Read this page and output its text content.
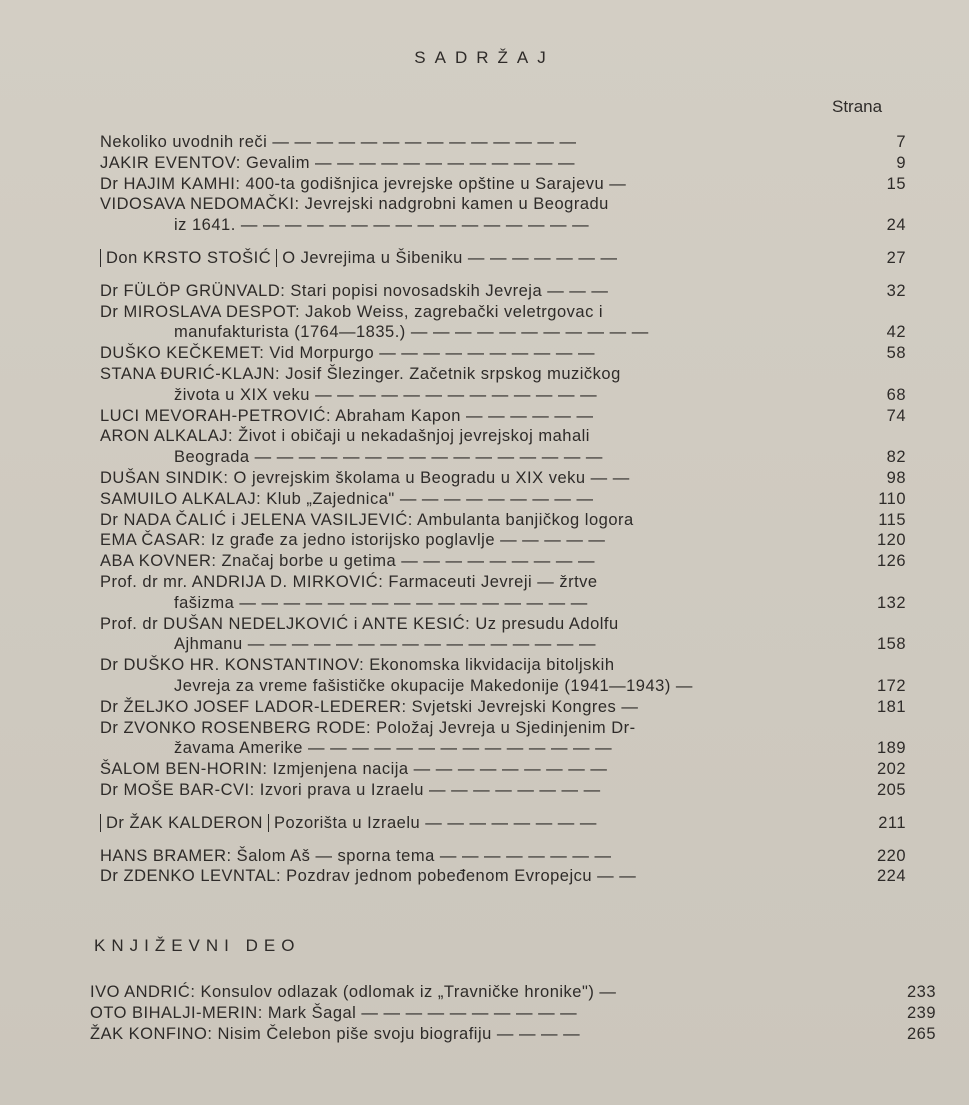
SADRŽAJ
Strana
Nekoliko uvodnih reči — — — — — — — — — — — — — —	7
JAKIR EVENTOV: Gevalim — — — — — — — — — — — —	9
Dr HAJIM KAMHI: 400-ta godišnjica jevrejske opštine u Sarajevu —	15
VIDOSAVA NEDOMAČKI: Jevrejski nadgrobni kamen u Beogradu
iz 1641. — — — — — — — — — — — — — — — —	24
Don KRSTO STOŠIĆ O Jevrejima u Šibeniku — — — — — — —	27
Dr FÜLÖP GRÜNVALD: Stari popisi novosadskih Jevreja — — —	32
Dr MIROSLAVA DESPOT: Jakob Weiss, zagrebački veletrgovac i
manufakturista (1764—1835.) — — — — — — — — — — —	42
DUŠKO KEČKEMET: Vid Morpurgo — — — — — — — — — —	58
STANA ĐURIĆ-KLAJN: Josif Šlezinger. Začetnik srpskog muzičkog
života u XIX veku — — — — — — — — — — — — —	68
LUCI MEVORAH-PETROVIĆ: Abraham Kapon — — — — — —	74
ARON ALKALAJ: Život i običaji u nekadašnjoj jevrejskoj mahali
Beograda — — — — — — — — — — — — — — — —	82
DUŠAN SINDIK: O jevrejskim školama u Beogradu u XIX veku — —	98
SAMUILO ALKALAJ: Klub „Zajednica" — — — — — — — — —	110
Dr NADA ČALIĆ i JELENA VASILJEVIĆ: Ambulanta banjičkog logora	115
EMA ČASAR: Iz građe za jedno istorijsko poglavlje — — — — —	120
ABA KOVNER: Značaj borbe u getima — — — — — — — — —	126
Prof. dr mr. ANDRIJA D. MIRKOVIĆ: Farmaceuti Jevreji — žrtve
fašizma — — — — — — — — — — — — — — — —	132
Prof. dr DUŠAN NEDELJKOVIĆ i ANTE KESIĆ: Uz presudu Adolfu
Ajhmanu — — — — — — — — — — — — — — — —	158
Dr DUŠKO HR. KONSTANTINOV: Ekonomska likvidacija bitoljskih
Jevreja za vreme fašističke okupacije Makedonije (1941—1943) —	172
Dr ŽELJKO JOSEF LADOR-LEDERER: Svjetski Jevrejski Kongres —	181
Dr ZVONKO ROSENBERG RODE: Položaj Jevreja u Sjedinjenim Dr-
žavama Amerike — — — — — — — — — — — — — —	189
ŠALOM BEN-HORIN: Izmjenjena nacija — — — — — — — — —	202
Dr MOŠE BAR-CVI: Izvori prava u Izraelu — — — — — — — —	205
Dr ŽAK KALDERON Pozorišta u Izraelu — — — — — — — —	211
HANS BRAMER: Šalom Aš — sporna tema — — — — — — — —	220
Dr ZDENKO LEVNTAL: Pozdrav jednom pobeđenom Evropejcu — —	224
KNJIŽEVNI DEO
IVO ANDRIĆ: Konsulov odlazak (odlomak iz „Travničke hronike") —	233
OTO BIHALJI-MERIN: Mark Šagal — — — — — — — — — —	239
ŽAK KONFINO: Nisim Čelebon piše svoju biografiju — — — —	265
